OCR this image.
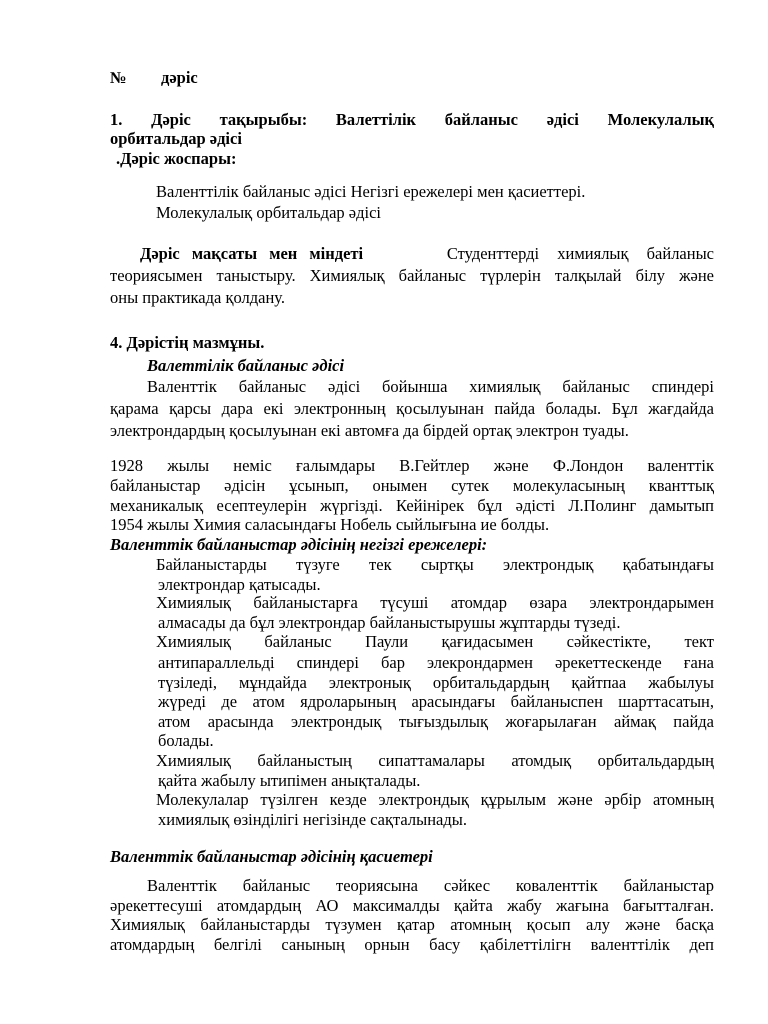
№ дәріс
1. Дәріс тақырыбы: Валеттілік байланыс әдісі Молекулалық
орбитальдар әдісі
.Дәріс жоспары:
Валенттілік байланыс әдісі Негізгі ережелері мен қасиеттері.
Молекулалық орбитальдар әдісі
Дәріс мақсаты мен міндеті	Студенттерді химиялық байланыс
теориясымен таныстыру. Химиялық байланыс түрлерін талқылай білу және
оны практикада қолдану.
4. Дәрістің мазмұны.
Валеттілік байланыс әдісі
Валенттік байланыс әдісі бойынша химиялық байланыс спиндері
қарама қарсы дара екі электронның қосылуынан пайда болады. Бұл жағдайда
электрондардың қосылуынан екі автомға да бірдей ортақ электрон туады.
1928 жылы неміс ғалымдары В.Гейтлер және Ф.Лондон валенттік
байланыстар әдісін ұсынып, онымен сутек молекуласының кванттық
механикалық есептеулерін жүргізді. Кейінірек бұл әдісті Л.Полинг дамытып
1954 жылы Химия саласындағы Нобель сыйлығына ие болды.
Валенттік байланыстар әдісінің негізгі ережелері:
Байланыстарды түзуге тек сыртқы электрондық қабатындағы
электрондар қатысады.
Химиялық байланыстарға түсуші атомдар өзара электрондарымен
алмасады да бұл электрондар байланыстырушы жұптарды түзеді.
Химиялық байланыс Паули қағидасымен сәйкестікте, тект
антипараллельді спиндері бар элекрондармен әрекеттескенде ғана
түзіледі, мұндайда электронық орбитальдардың қайтпаа жабылуы
жүреді де атом ядроларының арасындағы байланыспен шарттасатын,
атом арасында электрондық тығыздылық жоғарылаған аймақ пайда
болады.
Химиялық байланыстың сипаттамалары атомдық орбитальдардың
қайта жабылу ытипімен анықталады.
Молекулалар түзілген кезде электрондық құрылым және әрбір атомның
химиялық өзінділігі негізінде сақталынады.
Валенттік байланыстар әдісінің қасиетері
Валенттік байланыс теориясына сәйкес коваленттік байланыстар
әрекеттесуші атомдардың АО максималды қайта жабу жағына бағытталған.
Химиялық байланыстарды түзумен қатар атомның қосып алу және басқа
атомдардың белгілі санының орнын басу қабілеттілігн валенттілік деп
